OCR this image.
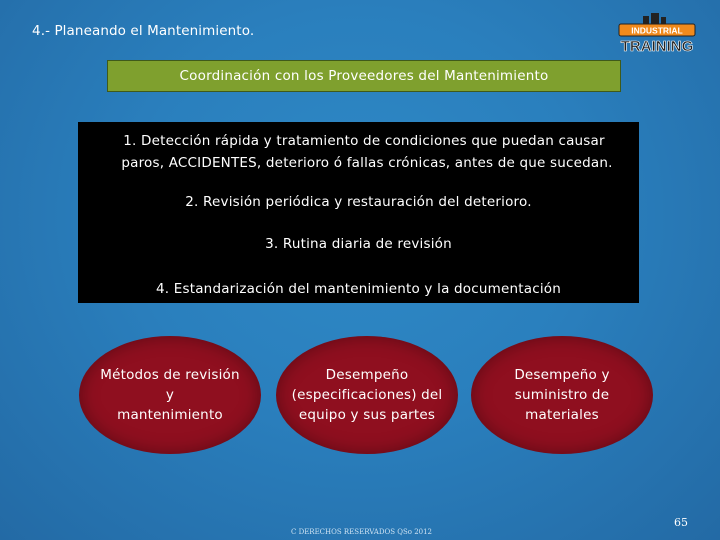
4.- Planeando el Mantenimiento.	INDUSTRIAL
TRAINING
Coordinación con los Proveedores del Mantenimiento
1. Detección rápida y tratamiento de condiciones que puedan causar
paros, ACCIDENTES, deterioro ó fallas crónicas, antes de que sucedan.
2. Revisión periódica y restauración del deterioro.
3. Rutina diaria de revisión
4. Estandarización del mantenimiento y la documentación
Métodos de revisión
y
mantenimiento
Desempeño
(especificaciones) del
equipo y sus partes
Desempeño y
suministro de
materiales
C DERECHOS RESERVADOS QSo 2012
65
